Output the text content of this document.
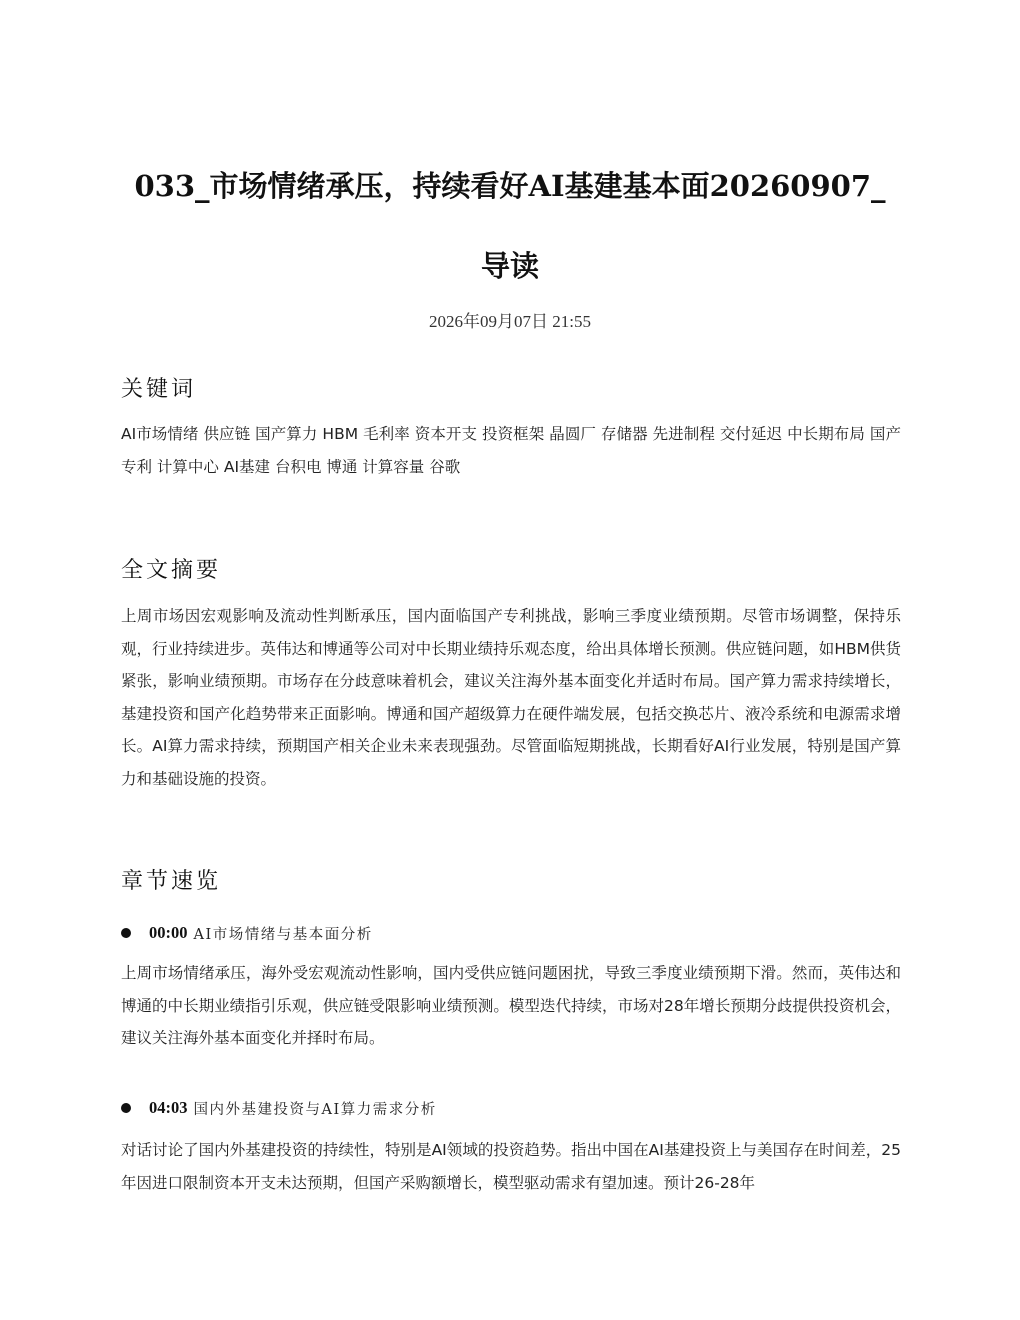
033_市场情绪承压，持续看好AI基建基本面20260907_导读
2026年09月07日 21:55
关键词
AI市场情绪 供应链 国产算力 HBM 毛利率 资本开支 投资框架 晶圆厂 存储器 先进制程 交付延迟 中长期布局 国产专利 计算中心 AI基建 台积电 博通 计算容量 谷歌
全文摘要
上周市场因宏观影响及流动性判断承压，国内面临国产专利挑战，影响三季度业绩预期。尽管市场调整，保持乐观，行业持续进步。英伟达和博通等公司对中长期业绩持乐观态度，给出具体增长预测。供应链问题，如HBM供货紧张，影响业绩预期。市场存在分歧意味着机会，建议关注海外基本面变化并适时布局。国产算力需求持续增长，基建投资和国产化趋势带来正面影响。博通和国产超级算力在硬件端发展，包括交换芯片、液冷系统和电源需求增长。AI算力需求持续，预期国产相关企业未来表现强劲。尽管面临短期挑战，长期看好AI行业发展，特别是国产算力和基础设施的投资。
章节速览
00:00 AI市场情绪与基本面分析
上周市场情绪承压，海外受宏观流动性影响，国内受供应链问题困扰，导致三季度业绩预期下滑。然而，英伟达和博通的中长期业绩指引乐观，供应链受限影响业绩预测。模型迭代持续，市场对28年增长预期分歧提供投资机会，建议关注海外基本面变化并择时布局。
04:03 国内外基建投资与AI算力需求分析
对话讨论了国内外基建投资的持续性，特别是AI领域的投资趋势。指出中国在AI基建投资上与美国存在时间差，25年因进口限制资本开支未达预期，但国产采购额增长，模型驱动需求有望加速。预计26-28年
